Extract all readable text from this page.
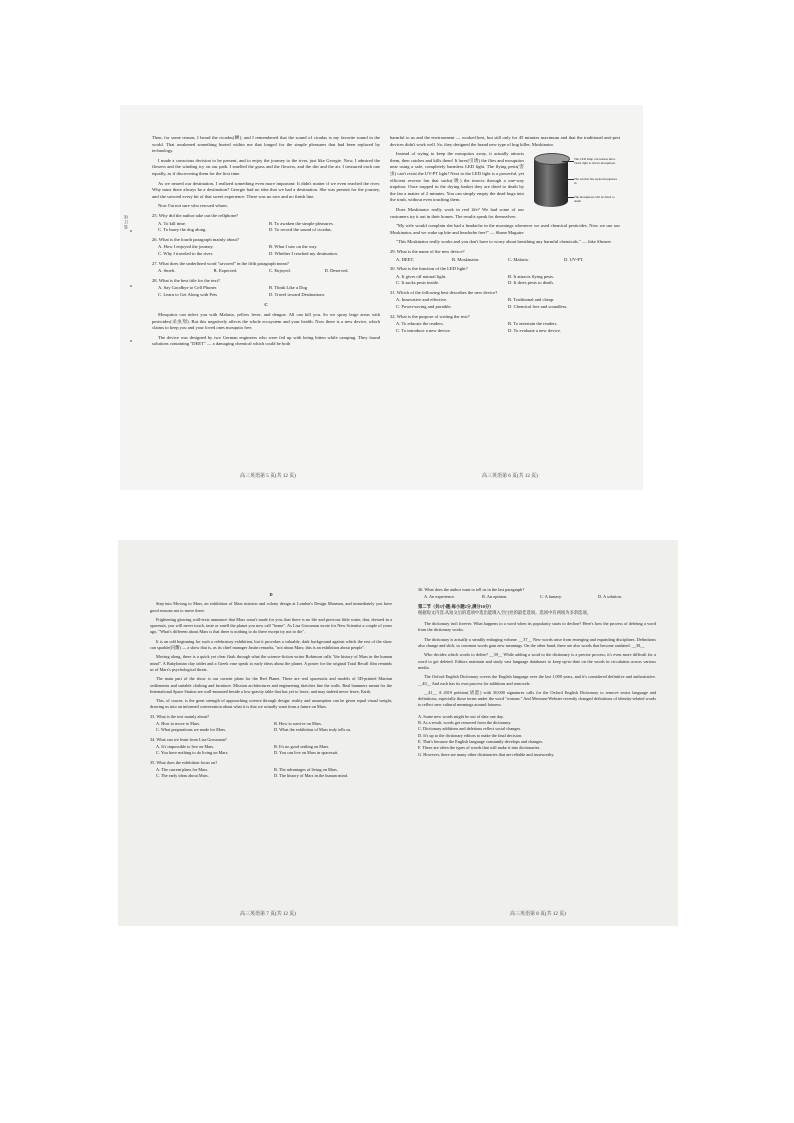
装 订 线

Then, for some reason, I heard the cicadas(蝉), and I remembered that the sound of cicadas is my favorite sound in the world. That awakened something buried within me that longed for the simple pleasures that had been replaced by technology.

I made a conscious decision to be present, and to enjoy the journey to the river, just like Georgie. Now, I admired the flowers and the winding icy on our path. I smelled the grass and the flowers, and the dirt and the air. I treasured each one equally, as if discovering them for the first time.

As we neared our destination, I realized something even more important: It didn't matter if we even reached the river. Why must there always be a destination? Georgie had no idea that we had a destination. She was present for the journey, and she savored every bit of that sweet experience. There was no race and no finish line.

Now I'm not sure who rescued whom.

25. Why did the author take out the cellphone?
A. To kill time.	B. To awaken the simple pleasures.
C. To hurry the dog along.	D. To record the sound of cicadas.
26. What is the fourth paragraph mainly about?
A. How I enjoyed the journey.	B. What I saw on the way.
C. Why I traveled to the river.	D. Whether I reached my destination.
27. What does the underlined word "savored" in the fifth paragraph mean?
A. Smelt.	B. Expected.	C. Enjoyed.	D. Deserved.
28. What is the best title for the text?
A. Say Goodbye to Cell Phones	B. Think Like a Dog
C. Learn to Get Along with Pets	D. Travel toward Destinations
C

Mosquitos can infect you with Malaria, yellow fever, and dengue. All can kill you. So we spray large areas with pesticides(杀虫剂). But this negatively affects the whole ecosystem and your health. Now there is a new device, which claims to keep you and your loved ones mosquito free.

The device was designed by two German engineers who were fed up with being bitten while camping. They found solutions containing "DEET" — a damaging chemical which could be both

高三英语第 5 页(共 12 页)

harmful to us and the environment — worked best, but still only for 45 minutes maximum and that the traditional anti-pest devices didn't work well. So, they designed the brand new type of bug killer, Moskinator.

The LED lamp can release ultra-violet light to attract mosquitoes
The suction fan sucks mosquitoes in
The mosquitoes will be dried to death

Instead of trying to keep the mosquitos away, it actually attracts them, then catches and kills them! It lures(引诱) the flies and mosquitos near using a safe, completely harmless LED light. The flying pests(害虫) can't resist the UV-PT light! Next to the LED light is a powerful, yet efficient reverse fan that sucks(吸) the insects through a one-way trapdoor. Once trapped in the drying basket they are dried to death by the fan a matter of 2 minutes. You can simply empty the dead bugs into the trash, without even touching them.

Does Moskinator really work in real life? We had some of our customers try it out in their homes. The results speak for themselves:

"My wife would complain she had a headache in the mornings whenever we used chemical pesticides. Now we use our Moskinator, and we wake up bite and headache free!" — Shane Maguire

"This Moskinator really works and you don't have to worry about breathing any harmful chemicals." — Jake Shearer

29. What is the name of the new device?
A. DEET.	B. Moskinator.	C. Malaria.	D. UV-PT.
30. What is the function of the LED light?
A. It gives off natural light.	B. It attracts flying pests.
C. It sucks pests inside.	D. It dries pests to death.
31. Which of the following best describes the new device?
A. Innovative and effective.	B. Traditional and cheap.
C. Power-saving and portable.	D. Chemical free and soundless.
32. What is the purpose of writing the text?
A. To educate the readers.	B. To entertain the readers.
C. To introduce a new device.	D. To evaluate a new device.
高三英语第 6 页(共 12 页)
D

Step into Moving to Mars, an exhibition of Mars mission and colony design at London's Design Museum, and immediately you have good reasons not to move there.

Frightening glowing wall-texts announce that Mars wasn't made for you; that there is no life and precious little water, that, dressed in a spacesuit, you will never touch, taste or smell the planet you now call "home". As Lisa Grossman wrote for New Scientist a couple of years ago, "What's different about Mars is that there is nothing to do there except try not to die".

It is an odd beginning for such a celebratory exhibition, but it provokes a valuable, dark background against which the rest of the show can sparkle(闪耀) — a show that is, as its chief manager Justin remarks, "not about Mars; this is an exhibition about people".

Moving along, there is a quick yet clear flash through what the science-fiction writer Robinson calls "the history of Mars in the human mind". A Babylonian clay tablet and a Greek vase speak to early ideas about the planet. A poster for the original Total Recall film reminds us of Mars's psychological threat.

The main part of the show is our current plans for the Red Planet. There are real spacesuits and models of 3D-printed Martian settlements and suitable clothing and furniture. Mission architectures and engineering sketches line the walls. Real hammers meant for the International Space Station are wall-mounted beside a low-gravity table that has yet to leave, and may indeed never leave, Earth.

This, of course, is the great strength of approaching science through design: reality and assumption can be given equal visual weight, drawing us into an informed conversation about what it is that we actually want from a future on Mars.

33. What is the text mainly about?
A. How to move to Mars.	B. How to survive on Mars.
C. What preparations we made for Mars.	D. What the exhibition of Mars truly tells us.
34. What can we learn from Lisa Grossman?
A. It's impossible to live on Mars.	B. It's no good settling on Mars.
C. You have nothing to do living on Mars.	D. You can live on Mars in spacesuit.
35. What does the exhibition focus on?
A. The current plans for Mars.	B. The advantages of living on Mars.
C. The early ideas about Mars.	D. The history of Mars in the human mind.
高三英语第 7 页(共 12 页)
36. What does the author want to tell us in the last paragraph?
A. An experience.	B. An opinion.	C. A fantasy.	D. A solution.
第二节（共5小题;每小题2分,满分10分）

根据短文内容,从短文后的选项中选出能填入空白处的最佳选项。选项中有两项为多余选项。

The dictionary isn't forever. What happens to a word when its popularity starts to decline? Here's how the process of deleting a word from the dictionary works.

The dictionary is actually a steadily enlarging volume. __37__ New words arise from emerging and expanding disciplines. Definitions also change and shift, so common words gain new meanings. On the other hand, there are also words that become outdated. __38__

Who decides which words to delete? __39__ While adding a word to the dictionary is a precise process, it's even more difficult for a word to get deleted. Editors maintain and study vast language databases to keep up-to-date on the words in circulation across various media.

The Oxford English Dictionary covers the English language over the last 1,000 years, and it's considered definitive and authoritative. __40__ And each has its own process for additions and removals.

__41__ A 2019 petition(请愿) with 30,000 signatures calls for the Oxford English Dictionary to remove sexist language and definitions, especially those terms under the word "woman." And Merriam-Webster recently changed definitions of identity-related words to reflect new cultural meanings around fairness.

A. Some new words might be out of date one day.
B. As a result, words get removed from the dictionary.
C. Dictionary additions and deletions reflect social changes.
D. It's up to the dictionary editors to make the final decision.
E. That's because the English language constantly develops and changes.
F. These are often the types of words that will make it into dictionaries.
G. However, there are many other dictionaries that are reliable and trustworthy.
高三英语第 8 页(共 12 页)
